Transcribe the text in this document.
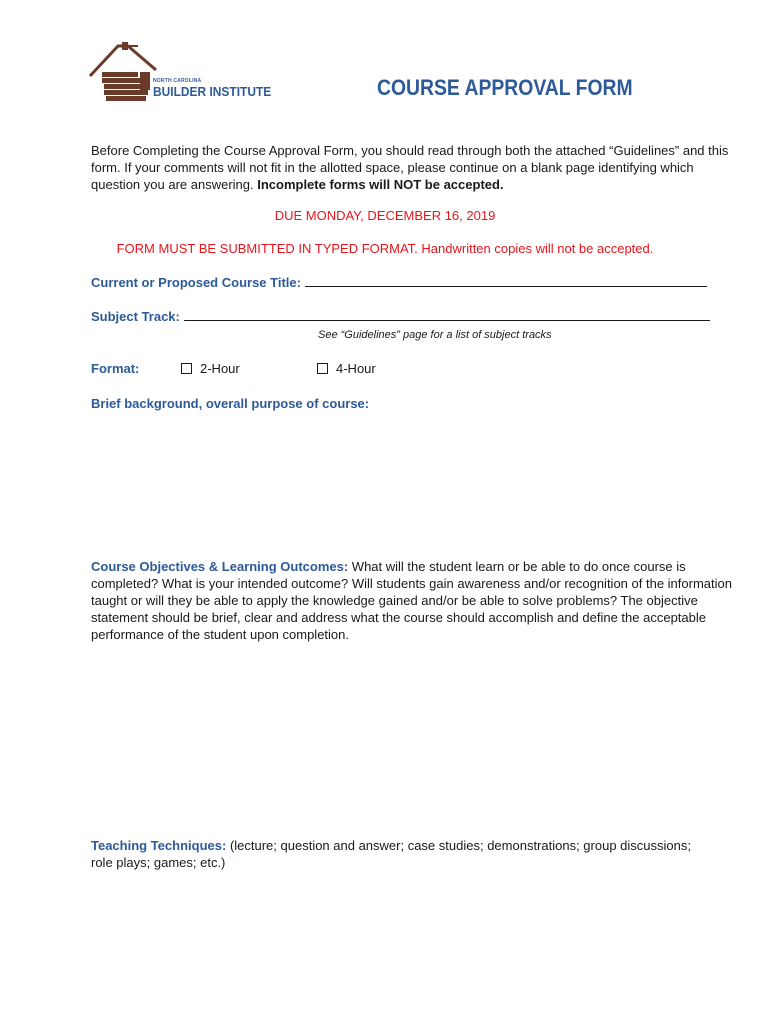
NORTH CAROLINA
BUILDER INSTITUTE	COURSE APPROVAL FORM
Before Completing the Course Approval Form, you should read through both the attached “Guidelines” and this form. If your comments will not fit in the allotted space, please continue on a blank page identifying which question you are answering. Incomplete forms will NOT be accepted.
DUE MONDAY, DECEMBER 16, 2019
FORM MUST BE SUBMITTED IN TYPED FORMAT. Handwritten copies will not be accepted.
Current or Proposed Course Title:
Subject Track:
See “Guidelines” page for a list of subject tracks
Format:	2-Hour	4-Hour
Brief background, overall purpose of course:
Course Objectives & Learning Outcomes: What will the student learn or be able to do once course is completed? What is your intended outcome? Will students gain awareness and/or recognition of the information taught or will they be able to apply the knowledge gained and/or be able to solve problems? The objective statement should be brief, clear and address what the course should accomplish and define the acceptable performance of the student upon completion.
Teaching Techniques: (lecture; question and answer; case studies; demonstrations; group discussions; role plays; games; etc.)
